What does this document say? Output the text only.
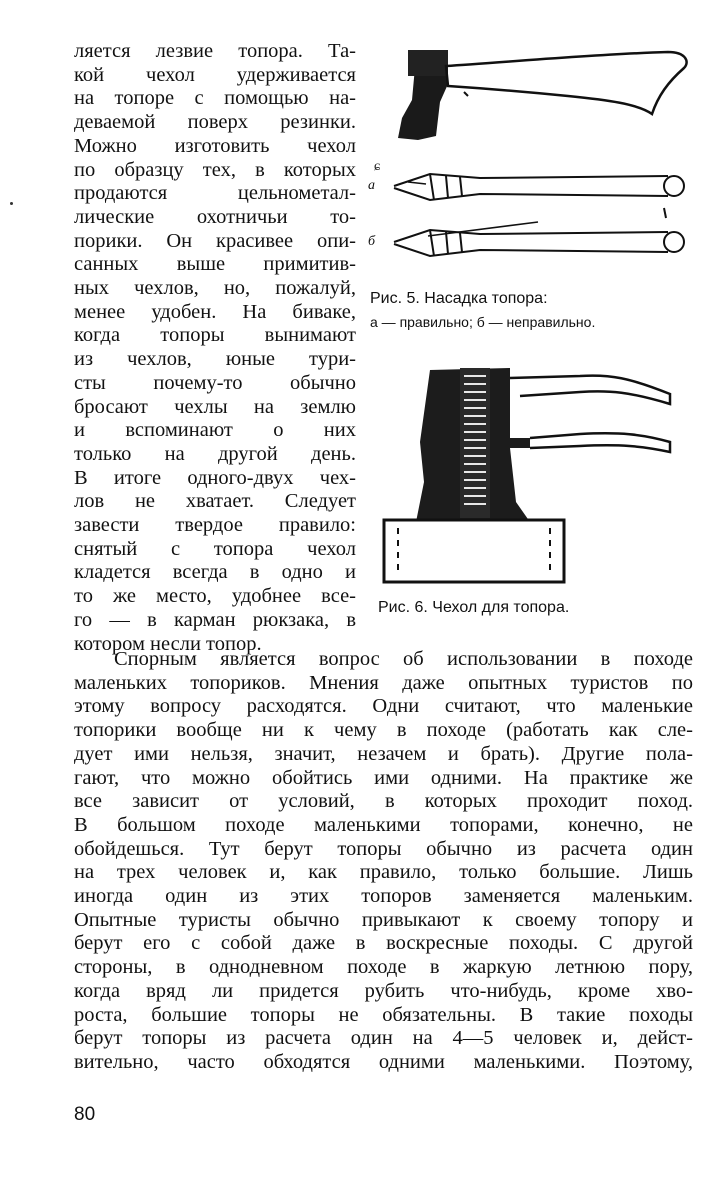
ляется лезвие топора. Та-
кой чехол удерживается
на топоре с помощью на-
деваемой поверх резинки.
Можно изготовить чехол
по образцу тех, в которых
продаются цельнометал-
лические охотничьи то-
порики. Он красивее опи-
санных выше примитив-
ных чехлов, но, пожалуй,
менее удобен. На биваке,
когда топоры вынимают
из чехлов, юные тури-
сты почему-то обычно
бросают чехлы на землю
и вспоминают о них
только на другой день.
В итоге одного-двух чех-
лов не хватает. Следует
завести твердое правило:
снятый с топора чехол
кладется всегда в одно и
то же место, удобнее все-
го — в карман рюкзака, в
котором несли топор.
ɕ
а
б
Рис. 5. Насадка топора:
а — правильно; б — неправильно.
Рис. 6. Чехол для топора.
Спорным является вопрос об использовании в походе
маленьких топориков. Мнения даже опытных туристов по
этому вопросу расходятся. Одни считают, что маленькие
топорики вообще ни к чему в походе (работать как сле-
дует ими нельзя, значит, незачем и брать). Другие пола-
гают, что можно обойтись ими одними. На практике же
все зависит от условий, в которых проходит поход.
В большом походе маленькими топорами, конечно, не
обойдешься. Тут берут топоры обычно из расчета один
на трех человек и, как правило, только большие. Лишь
иногда один из этих топоров заменяется маленьким.
Опытные туристы обычно привыкают к своему топору и
берут его с собой даже в воскресные походы. С другой
стороны, в однодневном походе в жаркую летнюю пору,
когда вряд ли придется рубить что-нибудь, кроме хво-
роста, большие топоры не обязательны. В такие походы
берут топоры из расчета один на 4—5 человек и, дейст-
вительно, часто обходятся одними маленькими. Поэтому,
80
